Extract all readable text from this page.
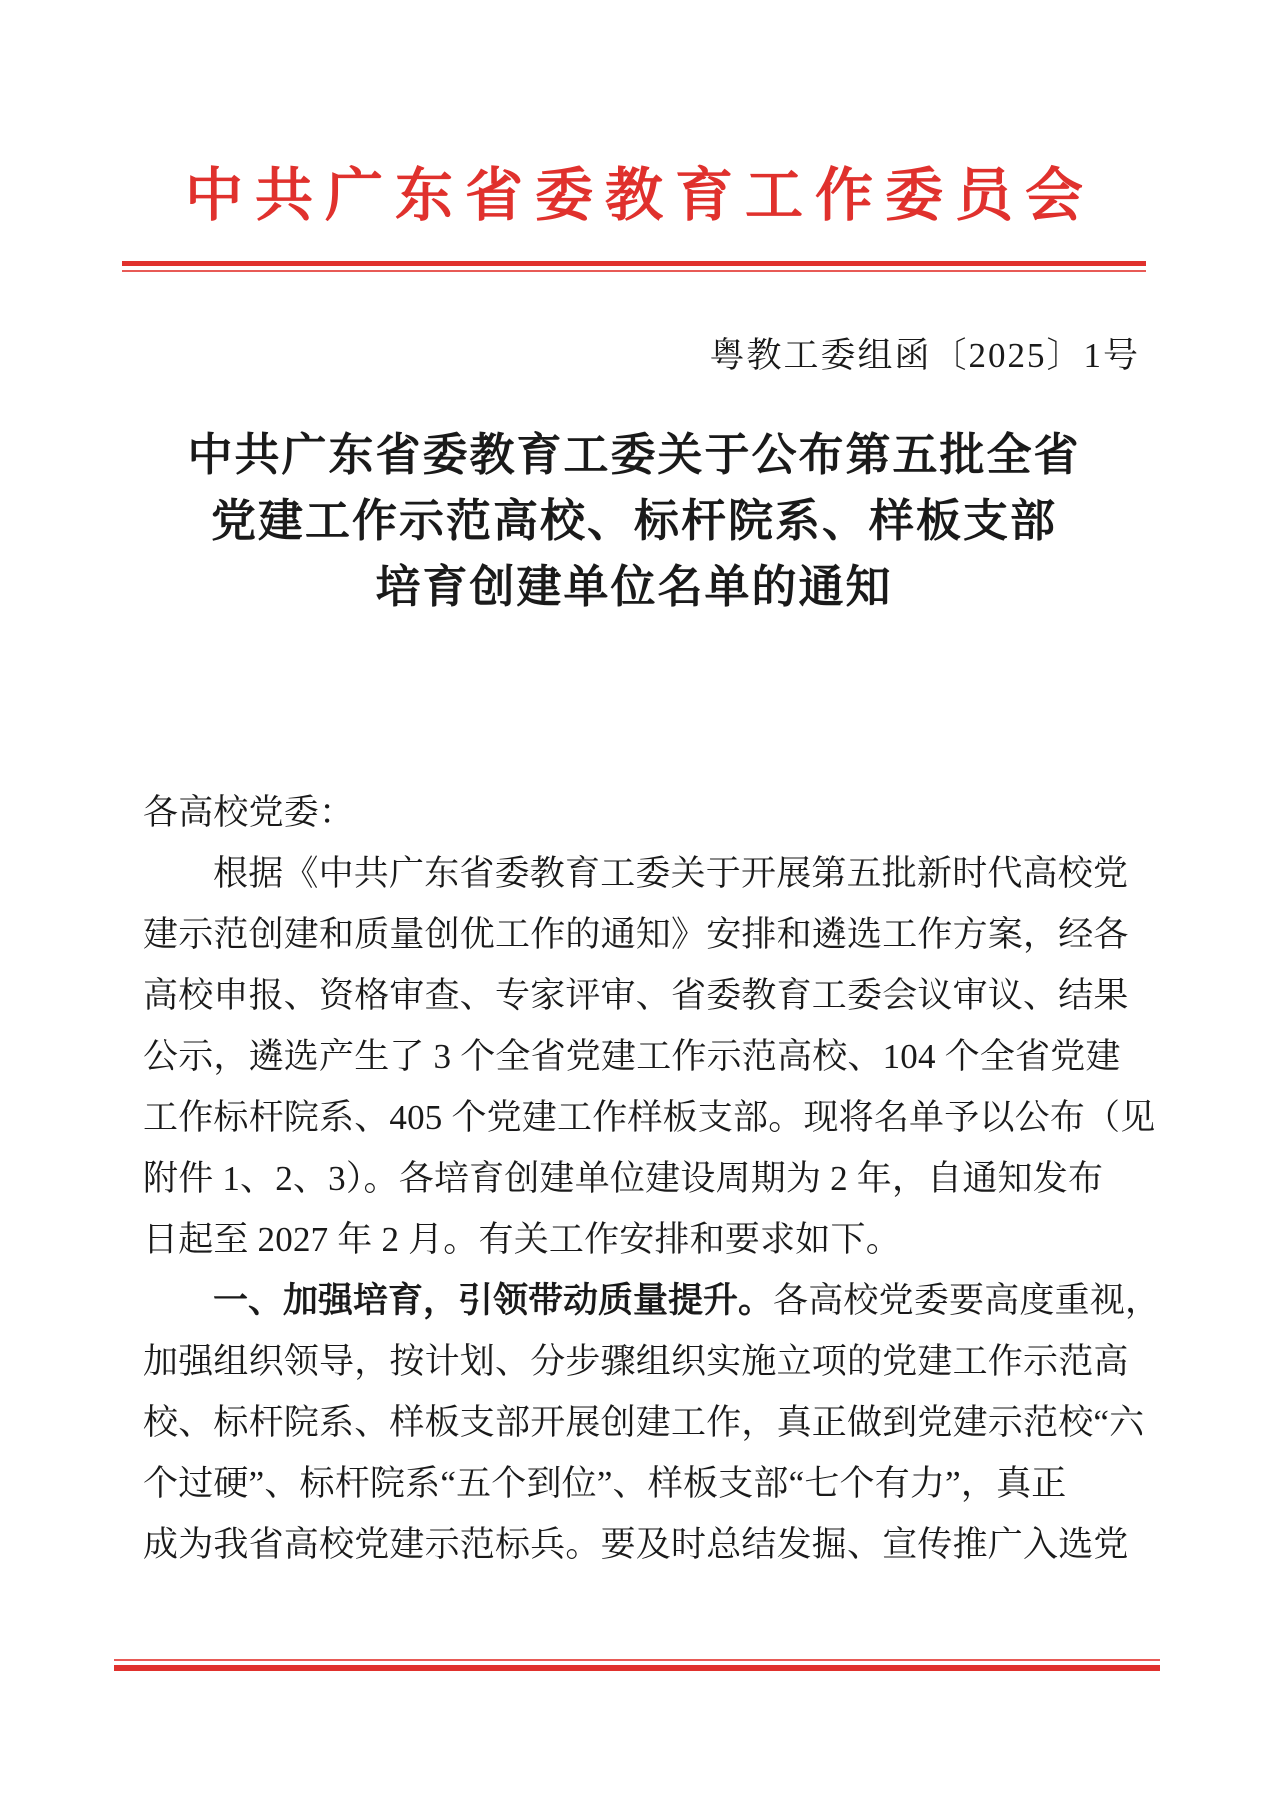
中共广东省委教育工作委员会
粤教工委组函〔2025〕1号
中共广东省委教育工委关于公布第五批全省
党建工作示范高校、标杆院系、样板支部
培育创建单位名单的通知
各高校党委：
根据《中共广东省委教育工委关于开展第五批新时代高校党
建示范创建和质量创优工作的通知》安排和遴选工作方案，经各
高校申报、资格审查、专家评审、省委教育工委会议审议、结果
公示，遴选产生了 3 个全省党建工作示范高校、104 个全省党建
工作标杆院系、405 个党建工作样板支部。现将名单予以公布（见
附件 1、2、3）。各培育创建单位建设周期为 2 年，自通知发布
日起至 2027 年 2 月。有关工作安排和要求如下。
一、加强培育，引领带动质量提升。各高校党委要高度重视，
加强组织领导，按计划、分步骤组织实施立项的党建工作示范高
校、标杆院系、样板支部开展创建工作，真正做到党建示范校“六
个过硬”、标杆院系“五个到位”、样板支部“七个有力”，真正
成为我省高校党建示范标兵。要及时总结发掘、宣传推广入选党
